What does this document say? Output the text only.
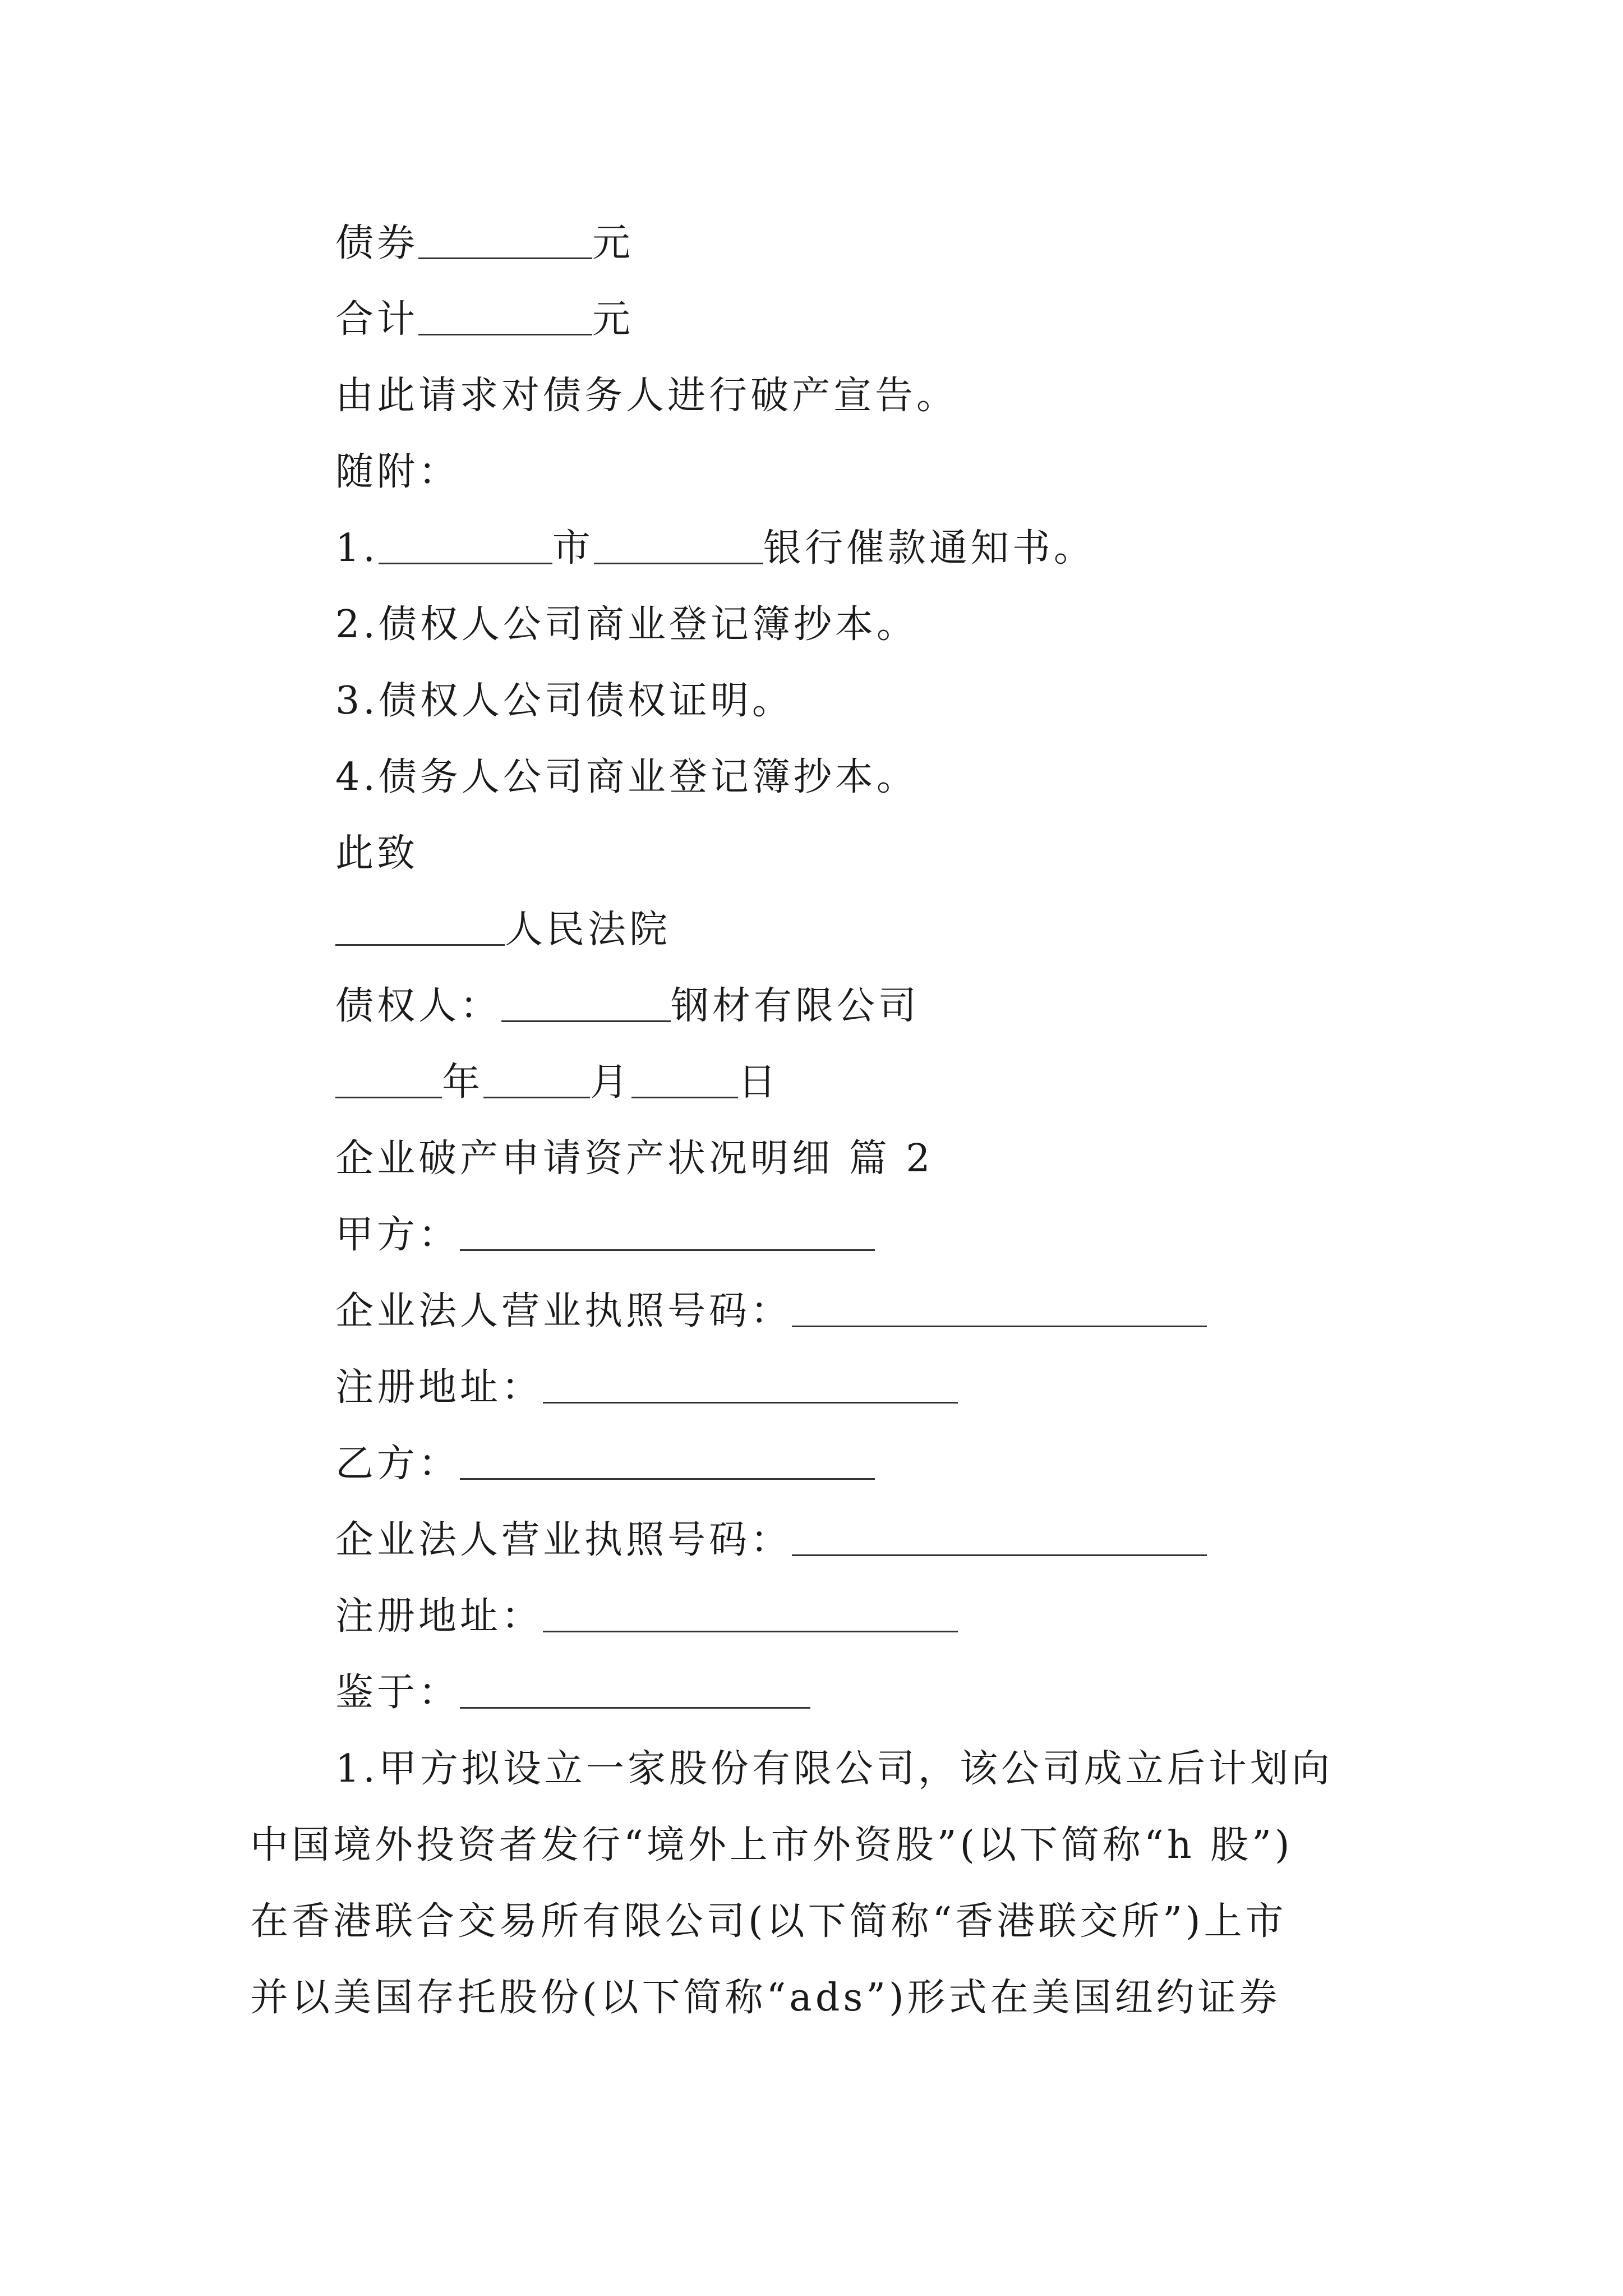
债券	元
合计	元
由此请求对债务人进行破产宣告。
随附：
1.	市	银行催款通知书。
2.债权人公司商业登记簿抄本。
3.债权人公司债权证明。
4.债务人公司商业登记簿抄本。
此致
人民法院
债权人：	钢材有限公司
年	月	日
企业破产申请资产状况明细 篇 2
甲方：
企业法人营业执照号码：
注册地址：
乙方：
企业法人营业执照号码：
注册地址：
鉴于：
1.甲方拟设立一家股份有限公司，该公司成立后计划向
中国境外投资者发行“境外上市外资股”(以下简称“h 股”)
在香港联合交易所有限公司(以下简称“香港联交所”)上市
并以美国存托股份(以下简称“ads”)形式在美国纽约证券
